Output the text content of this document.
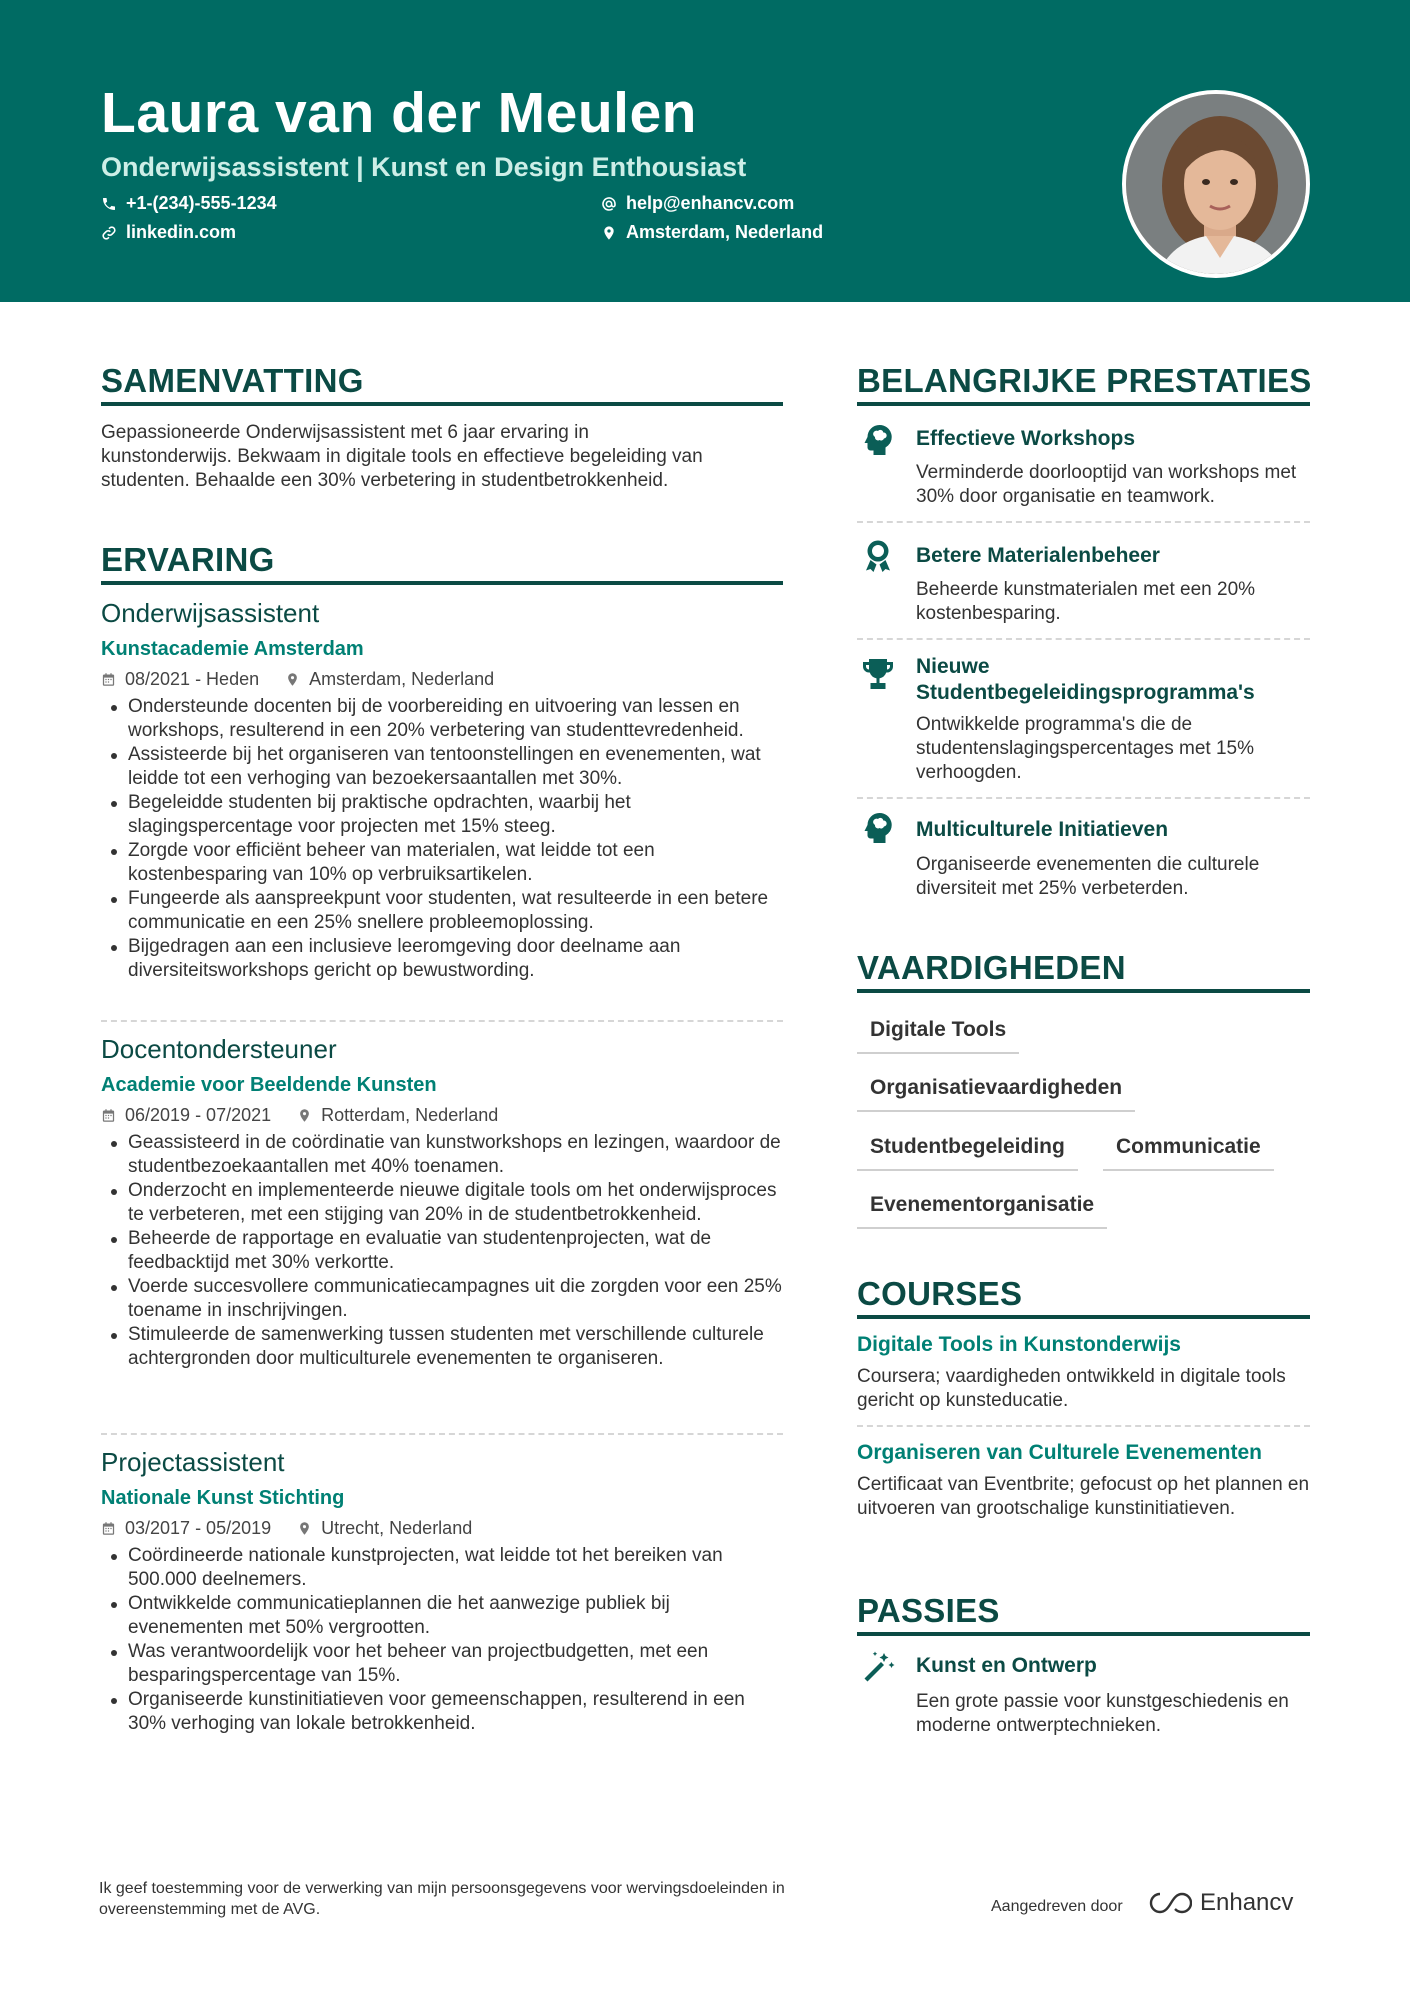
Laura van der Meulen
Onderwijsassistent | Kunst en Design Enthousiast
+1-(234)-555-1234	help@enhancv.com
linkedin.com	Amsterdam, Nederland
SAMENVATTING
Gepassioneerde Onderwijsassistent met 6 jaar ervaring in
kunstonderwijs. Bekwaam in digitale tools en effectieve begeleiding van
studenten. Behaalde een 30% verbetering in studentbetrokkenheid.
ERVARING
Onderwijsassistent
Kunstacademie Amsterdam
08/2021 - Heden	Amsterdam, Nederland
Ondersteunde docenten bij de voorbereiding en uitvoering van lessen en workshops, resulterend in een 20% verbetering van studenttevredenheid.
Assisteerde bij het organiseren van tentoonstellingen en evenementen, wat leidde tot een verhoging van bezoekersaantallen met 30%.
Begeleidde studenten bij praktische opdrachten, waarbij het slagingspercentage voor projecten met 15% steeg.
Zorgde voor efficiënt beheer van materialen, wat leidde tot een kostenbesparing van 10% op verbruiksartikelen.
Fungeerde als aanspreekpunt voor studenten, wat resulteerde in een betere communicatie en een 25% snellere probleemoplossing.
Bijgedragen aan een inclusieve leeromgeving door deelname aan diversiteitsworkshops gericht op bewustwording.
Docentondersteuner
Academie voor Beeldende Kunsten
06/2019 - 07/2021	Rotterdam, Nederland
Geassisteerd in de coördinatie van kunstworkshops en lezingen, waardoor de studentbezoekaantallen met 40% toenamen.
Onderzocht en implementeerde nieuwe digitale tools om het onderwijsproces te verbeteren, met een stijging van 20% in de studentbetrokkenheid.
Beheerde de rapportage en evaluatie van studentenprojecten, wat de feedbacktijd met 30% verkortte.
Voerde succesvollere communicatiecampagnes uit die zorgden voor een 25% toename in inschrijvingen.
Stimuleerde de samenwerking tussen studenten met verschillende culturele achtergronden door multiculturele evenementen te organiseren.
Projectassistent
Nationale Kunst Stichting
03/2017 - 05/2019	Utrecht, Nederland
Coördineerde nationale kunstprojecten, wat leidde tot het bereiken van 500.000 deelnemers.
Ontwikkelde communicatieplannen die het aanwezige publiek bij evenementen met 50% vergrootten.
Was verantwoordelijk voor het beheer van projectbudgetten, met een besparingspercentage van 15%.
Organiseerde kunstinitiatieven voor gemeenschappen, resulterend in een 30% verhoging van lokale betrokkenheid.
BELANGRIJKE PRESTATIES
Effectieve Workshops
Verminderde doorlooptijd van workshops met 30% door organisatie en teamwork.
1 Betere Materialenbeheer
Beheerde kunstmaterialen met een 20% kostenbesparing.
Nieuwe Studentbegeleidingsprogramma's
Ontwikkelde programma's die de studentenslagingspercentages met 15% verhoogden.
Multiculturele Initiatieven
Organiseerde evenementen die culturele diversiteit met 25% verbeterden.
VAARDIGHEDEN
Digitale Tools
Organisatievaardigheden
Studentbegeleiding	Communicatie
Evenementorganisatie
COURSES
Digitale Tools in Kunstonderwijs
Coursera; vaardigheden ontwikkeld in digitale tools gericht op kunsteducatie.
Organiseren van Culturele Evenementen
Certificaat van Eventbrite; gefocust op het plannen en uitvoeren van grootschalige kunstinitiatieven.
PASSIES
Kunst en Ontwerp
Een grote passie voor kunstgeschiedenis en moderne ontwerptechnieken.
Ik geef toestemming voor de verwerking van mijn persoonsgegevens voor wervingsdoeleinden in overeenstemming met de AVG.	Aangedreven door	Enhancv
